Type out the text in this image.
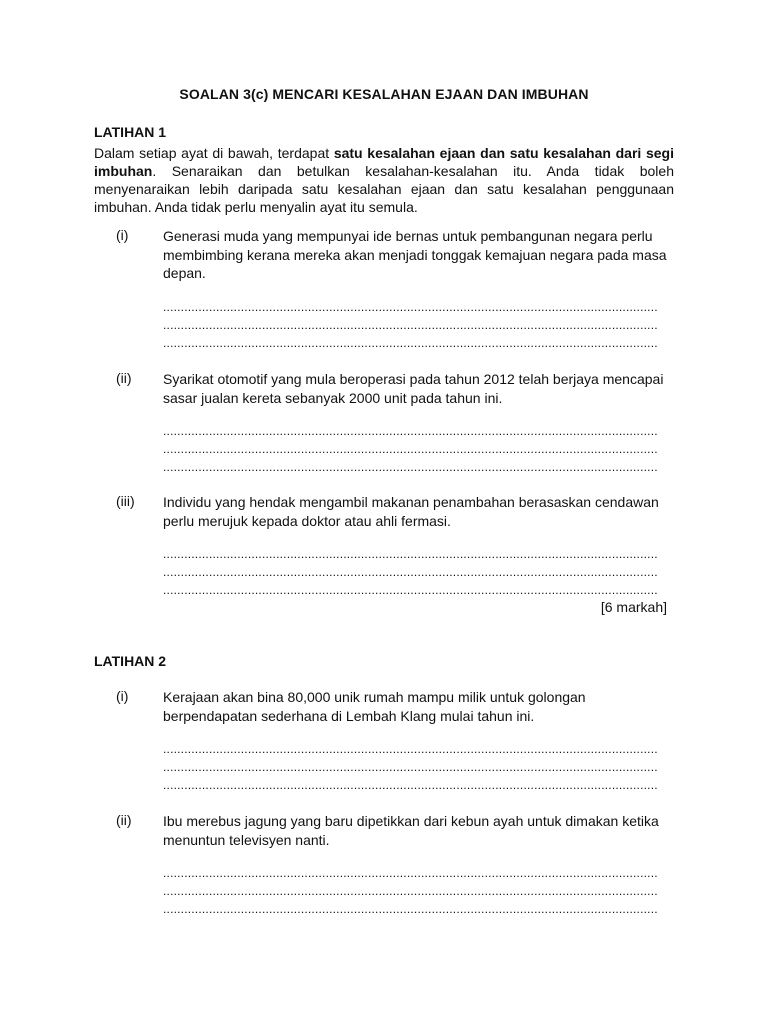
SOALAN 3(c) MENCARI KESALAHAN EJAAN DAN IMBUHAN
LATIHAN 1
Dalam setiap ayat di bawah, terdapat satu kesalahan ejaan dan satu kesalahan dari segi imbuhan. Senaraikan dan betulkan kesalahan-kesalahan itu. Anda tidak boleh menyenaraikan lebih daripada satu kesalahan ejaan dan satu kesalahan penggunaan imbuhan. Anda tidak perlu menyalin ayat itu semula.
(i) Generasi muda yang mempunyai ide bernas untuk pembangunan negara perlu membimbing kerana mereka akan menjadi tonggak kemajuan negara pada masa depan.
............................................................................................................................................
............................................................................................................................................
............................................................................................................................................
(ii) Syarikat otomotif yang mula beroperasi pada tahun 2012 telah berjaya mencapai sasar jualan kereta sebanyak 2000 unit pada tahun ini.
............................................................................................................................................
............................................................................................................................................
............................................................................................................................................
(iii) Individu yang hendak mengambil makanan penambahan berasaskan cendawan perlu merujuk kepada doktor atau ahli fermasi.
............................................................................................................................................
............................................................................................................................................
............................................................................................................................................
[6 markah]
LATIHAN 2
(i) Kerajaan akan bina 80,000 unik rumah mampu milik untuk golongan berpendapatan sederhana di Lembah Klang mulai tahun ini.
............................................................................................................................................
............................................................................................................................................
............................................................................................................................................
(ii) Ibu merebus jagung yang baru dipetikkan dari kebun ayah untuk dimakan ketika menuntun televisyen nanti.
............................................................................................................................................
............................................................................................................................................
............................................................................................................................................
